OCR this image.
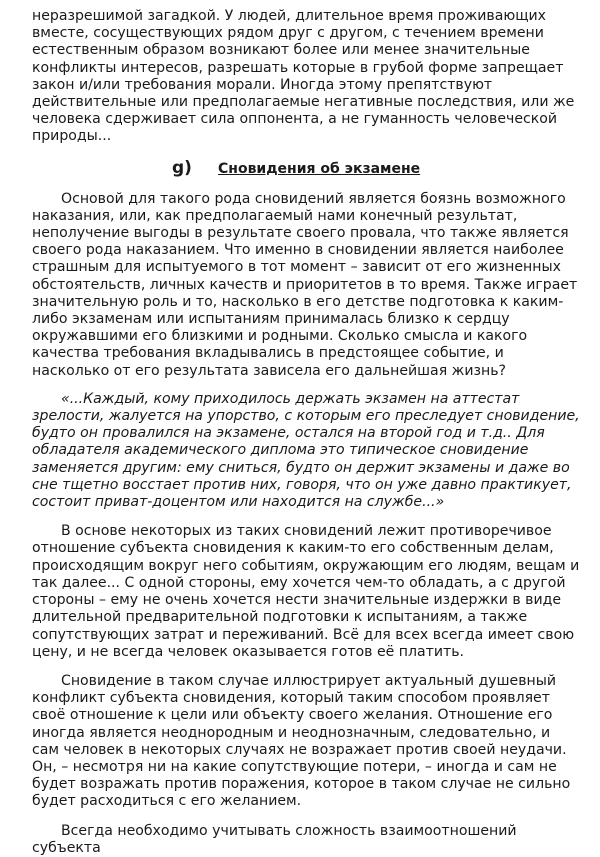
неразрешимой загадкой. У людей, длительное время проживающих вместе, сосуществующих рядом друг с другом, с течением времени естественным образом возникают более или менее значительные конфликты интересов, разрешать которые в грубой форме запрещает закон и/или требования морали. Иногда этому препятствуют действительные или предполагаемые негативные последствия, или же человека сдерживает сила оппонента, а не гуманность человеческой природы...

g)	Сновидения об экзамене

Основой для такого рода сновидений является боязнь возможного наказания, или, как предполагаемый нами конечный результат, неполучение выгоды в результате своего провала, что также является своего рода наказанием. Что именно в сновидении является наиболее страшным для испытуемого в тот момент – зависит от его жизненных обстоятельств, личных качеств и приоритетов в то время. Также играет значительную роль и то, насколько в его детстве подготовка к каким-либо экзаменам или испытаниям принималась близко к сердцу окружавшими его близкими и родными. Сколько смысла и какого качества требования вкладывались в предстоящее событие, и насколько от его результата зависела его дальнейшая жизнь?

«...Каждый, кому приходилось держать экзамен на аттестат зрелости, жалуется на упорство, с которым его преследует сновидение, будто он провалился на экзамене, остался на второй год и т.д.. Для обладателя академического диплома это типическое сновидение заменяется другим: ему сниться, будто он держит экзамены и даже во сне тщетно восстает против них, говоря, что он уже давно практикует, состоит приват-доцентом или находится на службе...»

В основе некоторых из таких сновидений лежит противоречивое отношение субъекта сновидения к каким-то его собственным делам, происходящим вокруг него событиям, окружающим его людям, вещам и так далее... С одной стороны, ему хочется чем-то обладать, а с другой стороны – ему не очень хочется нести значительные издержки в виде длительной предварительной подготовки к испытаниям, а также сопутствующих затрат и переживаний. Всё для всех всегда имеет свою цену, и не всегда человек оказывается готов её платить.

Сновидение в таком случае иллюстрирует актуальный душевный конфликт субъекта сновидения, который таким способом проявляет своё отношение к цели или объекту своего желания. Отношение его иногда является неоднородным и неоднозначным, следовательно, и сам человек в некоторых случаях не возражает против своей неудачи. Он, – несмотря ни на какие сопутствующие потери, – иногда и сам не будет возражать против поражения, которое в таком случае не сильно будет расходиться с его желанием.

Всегда необходимо учитывать сложность взаимоотношений субъекта
